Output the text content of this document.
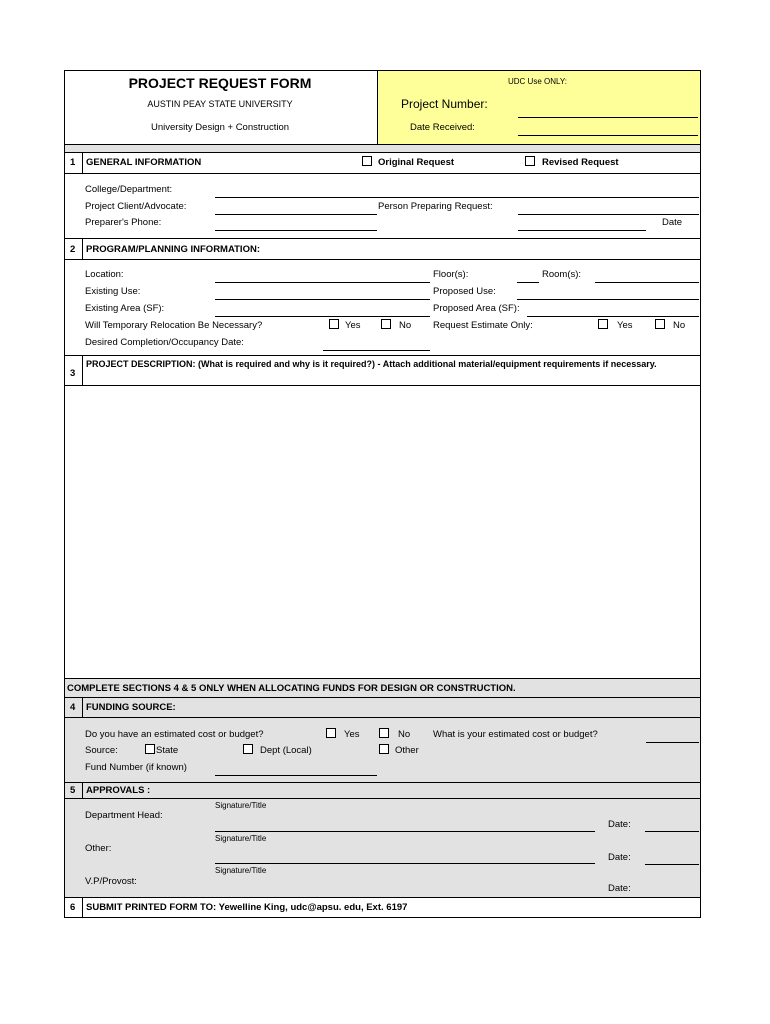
PROJECT REQUEST FORM
AUSTIN PEAY STATE UNIVERSITY
University Design + Construction
UDC Use ONLY:
Project Number:
Date Received:
1 GENERAL INFORMATION	Original Request	Revised Request
College/Department:
Project Client/Advocate:	Person Preparing Request:
Preparer's Phone:	Date
2 PROGRAM/PLANNING INFORMATION:
Location:	Floor(s):	Room(s):
Existing Use:	Proposed Use:
Existing Area (SF):	Proposed Area (SF):
Will Temporary Relocation Be Necessary?	Yes	No Request Estimate Only:	Yes	No
Desired Completion/Occupancy Date:
3
PROJECT DESCRIPTION: (What is required and why is it required?) - Attach additional material/equipment requirements if necessary.
COMPLETE SECTIONS 4 & 5 ONLY WHEN ALLOCATING FUNDS FOR DESIGN OR CONSTRUCTION.
4 FUNDING SOURCE:
Do you have an estimated cost or budget?	Yes	No What is your estimated cost or budget?
Source:	State	Dept (Local)	Other
Fund Number (if known)
5 APPROVALS :
Signature/Title
Department Head:
Date:
Signature/Title
Other:
Date:
Signature/Title
V.P/Provost:
Date:
6 SUBMIT PRINTED FORM TO: Yewelline King, udc@apsu. edu, Ext. 6197
